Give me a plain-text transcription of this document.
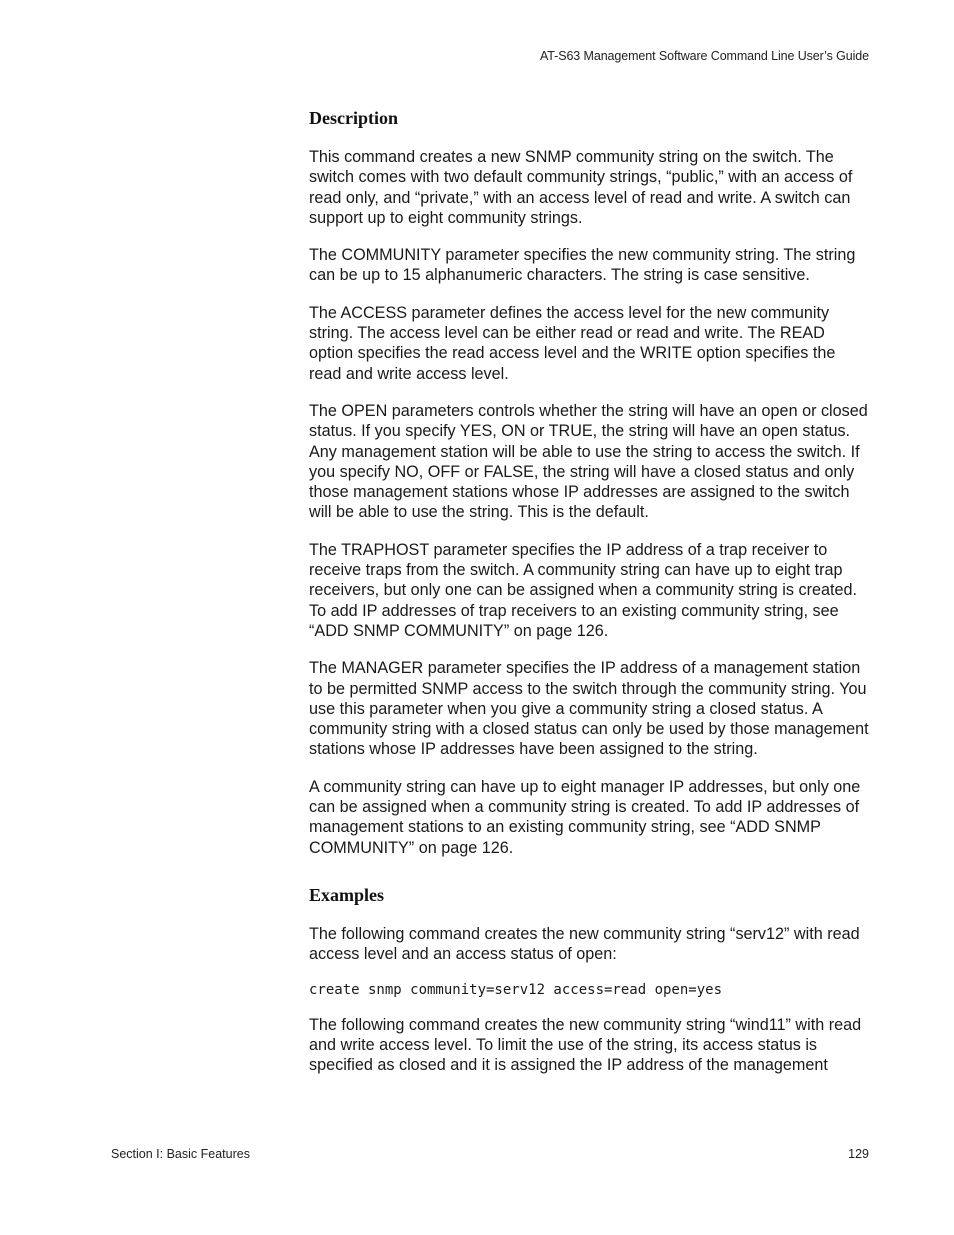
AT-S63 Management Software Command Line User’s Guide
Description

This command creates a new SNMP community string on the switch. The switch comes with two default community strings, “public,” with an access of read only, and “private,” with an access level of read and write. A switch can support up to eight community strings.

The COMMUNITY parameter specifies the new community string. The string can be up to 15 alphanumeric characters. The string is case sensitive.

The ACCESS parameter defines the access level for the new community string. The access level can be either read or read and write. The READ option specifies the read access level and the WRITE option specifies the read and write access level.

The OPEN parameters controls whether the string will have an open or closed status. If you specify YES, ON or TRUE, the string will have an open status. Any management station will be able to use the string to access the switch. If you specify NO, OFF or FALSE, the string will have a closed status and only those management stations whose IP addresses are assigned to the switch will be able to use the string. This is the default.

The TRAPHOST parameter specifies the IP address of a trap receiver to receive traps from the switch. A community string can have up to eight trap receivers, but only one can be assigned when a community string is created. To add IP addresses of trap receivers to an existing community string, see “ADD SNMP COMMUNITY” on page 126.

The MANAGER parameter specifies the IP address of a management station to be permitted SNMP access to the switch through the community string. You use this parameter when you give a community string a closed status. A community string with a closed status can only be used by those management stations whose IP addresses have been assigned to the string.

A community string can have up to eight manager IP addresses, but only one can be assigned when a community string is created. To add IP addresses of management stations to an existing community string, see “ADD SNMP COMMUNITY” on page 126.

Examples

The following command creates the new community string “serv12” with read access level and an access status of open:

create snmp community=serv12 access=read open=yes

The following command creates the new community string “wind11” with read and write access level. To limit the use of the string, its access status is specified as closed and it is assigned the IP address of the management

Section I: Basic Features	129
